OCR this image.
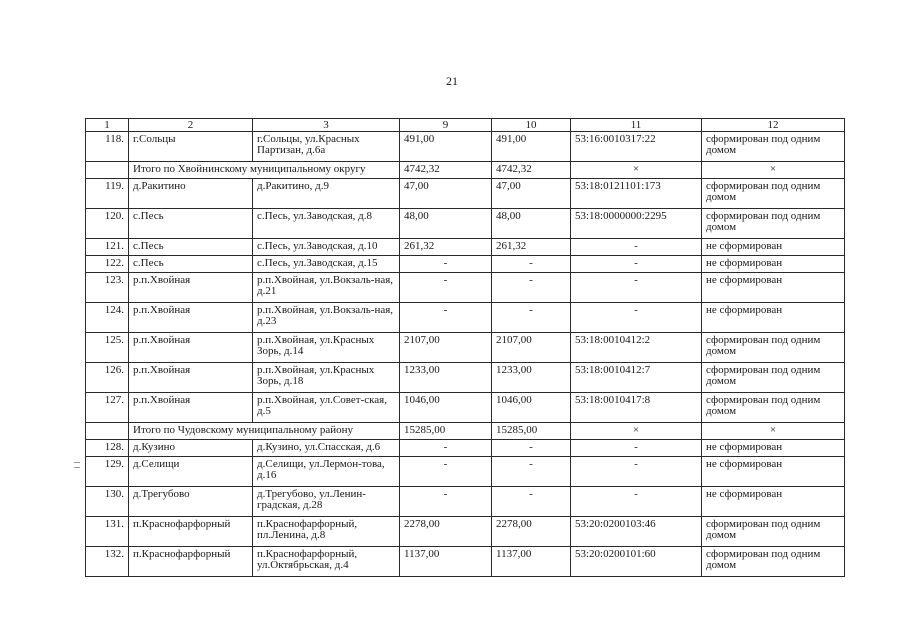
21
1	2	3	9	10	11	12
118.	г.Сольцы	г.Сольцы, ул.Красных Партизан, д.6а	491,00	491,00	53:16:0010317:22	сформирован под одним домом
	Итого по Хвойнинскому муниципальному округу		4742,32	4742,32	×	×
119.	д.Ракитино	д.Ракитино, д.9	47,00	47,00	53:18:0121101:173	сформирован под одним домом
120.	с.Песь	с.Песь, ул.Заводская, д.8	48,00	48,00	53:18:0000000:2295	сформирован под одним домом
121.	с.Песь	с.Песь, ул.Заводская, д.10	261,32	261,32	-	не сформирован
122.	с.Песь	с.Песь, ул.Заводская, д.15	-	-	-	не сформирован
123.	р.п.Хвойная	р.п.Хвойная, ул.Вокзаль-ная, д.21	-	-	-	не сформирован
124.	р.п.Хвойная	р.п.Хвойная, ул.Вокзаль-ная, д.23	-	-	-	не сформирован
125.	р.п.Хвойная	р.п.Хвойная, ул.Красных Зорь, д.14	2107,00	2107,00	53:18:0010412:2	сформирован под одним домом
126.	р.п.Хвойная	р.п.Хвойная, ул.Красных Зорь, д.18	1233,00	1233,00	53:18:0010412:7	сформирован под одним домом
127.	р.п.Хвойная	р.п.Хвойная, ул.Совет-ская, д.5	1046,00	1046,00	53:18:0010417:8	сформирован под одним домом
	Итого по Чудовскому муниципальному району		15285,00	15285,00	×	×
128.	д.Кузино	д.Кузино, ул.Спасская, д.6	-	-	-	не сформирован
129.	д.Селищи	д.Селищи, ул.Лермон-това, д.16	-	-	-	не сформирован
130.	д.Трегубово	д.Трегубово, ул.Ленин-градская, д.28	-	-	-	не сформирован
131.	п.Краснофарфорный	п.Краснофарфорный, пл.Ленина, д.8	2278,00	2278,00	53:20:0200103:46	сформирован под одним домом
132.	п.Краснофарфорный	п.Краснофарфорный, ул.Октябрьская, д.4	1137,00	1137,00	53:20:0200101:60	сформирован под одним домом
